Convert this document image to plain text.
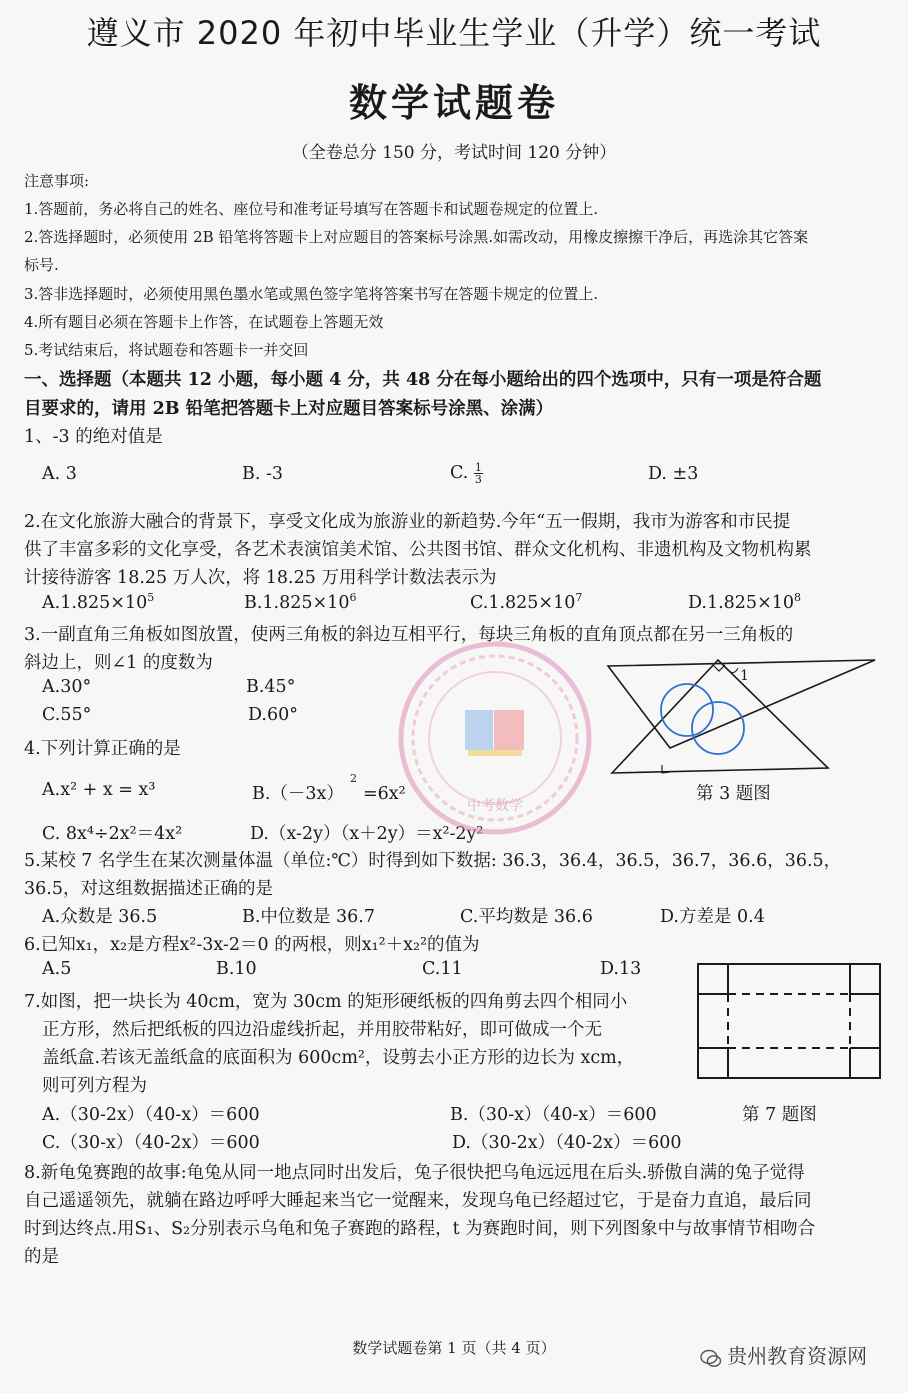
遵义市 2020 年初中毕业生学业（升学）统一考试
数学试题卷
（全卷总分 150 分，考试时间 120 分钟）
注意事项:
1.答题前，务必将自己的姓名、座位号和准考证号填写在答题卡和试题卷规定的位置上.
2.答选择题时，必须使用 2B 铅笔将答题卡上对应题目的答案标号涂黑.如需改动，用橡皮擦擦干净后，再选涂其它答案
标号.
3.答非选择题时，必须使用黑色墨水笔或黑色签字笔将答案书写在答题卡规定的位置上.
4.所有题目必须在答题卡上作答，在试题卷上答题无效
5.考试结束后，将试题卷和答题卡一并交回
一、选择题（本题共 12 小题，每小题 4 分，共 48 分在每小题给出的四个选项中，只有一项是符合题
目要求的，请用 2B 铅笔把答题卡上对应题目答案标号涂黑、涂满）
1、-3 的绝对值是
A. 3	B. -3	C. $\frac{1}{3}$	D. ±3
2.在文化旅游大融合的背景下，享受文化成为旅游业的新趋势.今年“五一假期，我市为游客和市民提
供了丰富多彩的文化享受，各艺术表演馆美术馆、公共图书馆、群众文化机构、非遗机构及文物机构累
计接待游客 18.25 万人次，将 18.25 万用科学计数法表示为
$A.1.825\times 10^5$	$B.1.825\times 10^6$	$C.1.825\times 10^7$	$D.1.825\times 10^8$
3.一副直角三角板如图放置，使两三角板的斜边互相平行，每块三角板的直角顶点都在另一三角板的
斜边上，则∠1 的度数为
A.30°	B.45°
C.55°	D.60°
1
第 3 题图
4.下列计算正确的是
A.x² + x = x³	$B.(-3x)^2=6x^2$
C. 8x⁴÷2x²＝4x²	D.（x-2y）（x＋2y）＝x²-2y²
5.某校 7 名学生在某次测量体温（单位:℃）时得到如下数据: 36.3，36.4，36.5，36.7，36.6，36.5，
36.5，对这组数据描述正确的是
A.众数是 36.5	B.中位数是 36.7	C.平均数是 36.6	D.方差是 0.4
6.已知x₁，x₂是方程x²-3x-2＝0 的两根，则x₁²＋x₂²的值为
A.5	B.10	C.11	D.13
7.如图，把一块长为 40cm，宽为 30cm 的矩形硬纸板的四角剪去四个相同小
正方形，然后把纸板的四边沿虚线折起，并用胶带粘好，即可做成一个无
盖纸盒.若该无盖纸盒的底面积为 600cm²，设剪去小正方形的边长为 xcm，
则可列方程为
A.（30-2x）（40-x）＝600	B.（30-x）（40-x）＝600
C.（30-x）（40-2x）＝600	D.（30-2x）（40-2x）＝600
第 7 题图
8.新龟兔赛跑的故事:龟兔从同一地点同时出发后，兔子很快把乌龟远远甩在后头.骄傲自满的兔子觉得
自己遥遥领先，就躺在路边呼呼大睡起来当它一觉醒来，发现乌龟已经超过它，于是奋力直追，最后同
时到达终点.用S₁、S₂分别表示乌龟和兔子赛跑的路程，t 为赛跑时间，则下列图象中与故事情节相吻合
的是
数学试题卷第 1 页（共 4 页）	贵州教育资源网
中考数学
